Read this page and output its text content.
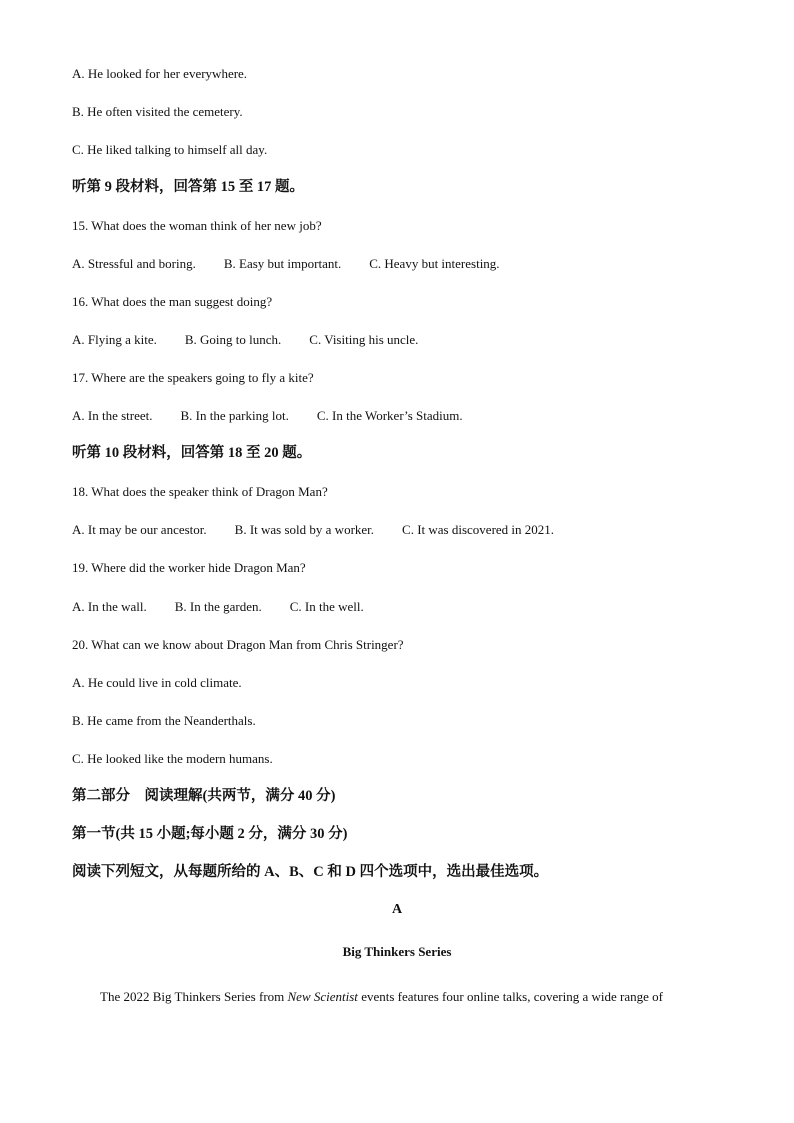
A. He looked for her everywhere.
B. He often visited the cemetery.
C. He liked talking to himself all day.
听第 9 段材料，回答第 15 至 17 题。
15. What does the woman think of her new job?
A. Stressful and boring. B. Easy but important. C. Heavy but interesting.
16. What does the man suggest doing?
A. Flying a kite. B. Going to lunch. C. Visiting his uncle.
17. Where are the speakers going to fly a kite?
A. In the street. B. In the parking lot. C. In the Worker’s Stadium.
听第 10 段材料，回答第 18 至 20 题。
18. What does the speaker think of Dragon Man?
A. It may be our ancestor. B. It was sold by a worker. C. It was discovered in 2021.
19. Where did the worker hide Dragon Man?
A. In the wall. B. In the garden. C. In the well.
20. What can we know about Dragon Man from Chris Stringer?
A. He could live in cold climate.
B. He came from the Neanderthals.
C. He looked like the modern humans.
第二部分　阅读理解(共两节，满分 40 分)
第一节(共 15 小题;每小题 2 分，满分 30 分)
阅读下列短文，从每题所给的 A、B、C 和 D 四个选项中，选出最佳选项。
A
Big Thinkers Series
The 2022 Big Thinkers Series from New Scientist events features four online talks, covering a wide range of
